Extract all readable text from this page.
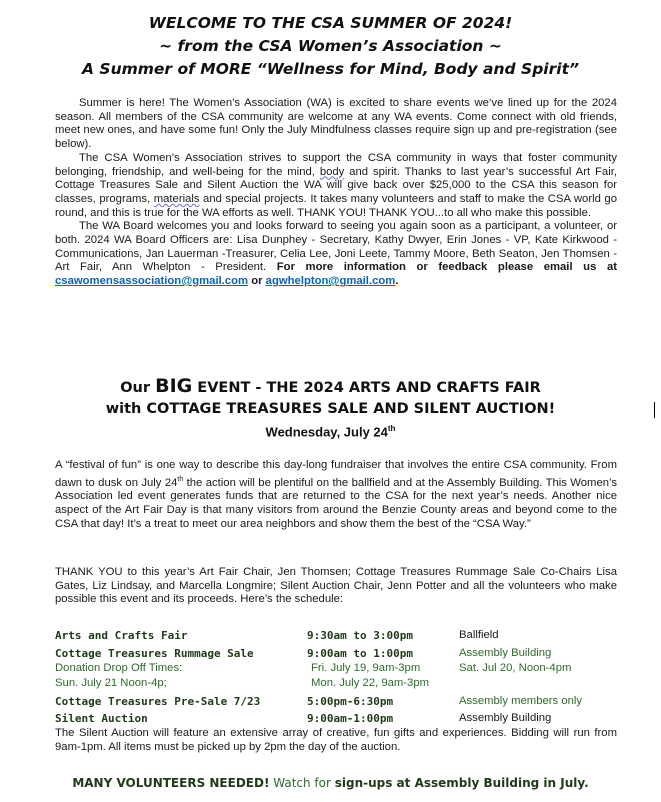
WELCOME TO THE CSA SUMMER OF 2024!
~ from the CSA Women’s Association ~
A Summer of MORE “Wellness for Mind, Body and Spirit”

Summer is here! The Women’s Association (WA) is excited to share events we’ve lined up for the 2024 season. All members of the CSA community are welcome at any WA events. Come connect with old friends, meet new ones, and have some fun! Only the July Mindfulness classes require sign up and pre-registration (see below).

The CSA Women’s Association strives to support the CSA community in ways that foster community belonging, friendship, and well-being for the mind, body and spirit. Thanks to last year’s successful Art Fair, Cottage Treasures Sale and Silent Auction the WA will give back over $25,000 to the CSA this season for classes, programs, materials and special projects. It takes many volunteers and staff to make the CSA world go round, and this is true for the WA efforts as well. THANK YOU! THANK YOU...to all who make this possible.

The WA Board welcomes you and looks forward to seeing you again soon as a participant, a volunteer, or both. 2024 WA Board Officers are: Lisa Dunphey - Secretary, Kathy Dwyer, Erin Jones - VP, Kate Kirkwood - Communications, Jan Lauerman -Treasurer, Celia Lee, Joni Leete, Tammy Moore, Beth Seaton, Jen Thomsen - Art Fair, Ann Whelpton - President. For more information or feedback please email us at csawomensassociation@gmail.com or agwhelpton@gmail.com.

Our BIG EVENT - THE 2024 ARTS AND CRAFTS FAIR
with COTTAGE TREASURES SALE AND SILENT AUCTION!
Wednesday, July 24th
A “festival of fun” is one way to describe this day-long fundraiser that involves the entire CSA community. From dawn to dusk on July 24th the action will be plentiful on the ballfield and at the Assembly Building. This Women’s Association led event generates funds that are returned to the CSA for the next year’s needs. Another nice aspect of the Art Fair Day is that many visitors from around the Benzie County areas and beyond come to the CSA that day! It’s a treat to meet our area neighbors and show them the best of the “CSA Way.”
THANK YOU to this year’s Art Fair Chair, Jen Thomsen; Cottage Treasures Rummage Sale Co-Chairs Lisa Gates, Liz Lindsay, and Marcella Longmire; Silent Auction Chair, Jenn Potter and all the volunteers who make possible this event and its proceeds. Here’s the schedule:
Arts and Crafts Fair	9:30am to 3:00pm	Ballfield
Cottage Treasures Rummage Sale	9:00am to 1:00pm	Assembly Building
Donation Drop Off Times:	Fri. July 19, 9am-3pm	Sat. Jul 20, Noon-4pm
Sun. July 21 Noon-4p;	Mon. July 22, 9am-3pm
Cottage Treasures Pre-Sale 7/23	5:00pm-6:30pm	Assembly members only
Silent Auction	9:00am-1:00pm	Assembly Building
The Silent Auction will feature an extensive array of creative, fun gifts and experiences. Bidding will run from 9am-1pm. All items must be picked up by 2pm the day of the auction.
MANY VOLUNTEERS NEEDED! Watch for sign-ups at Assembly Building in July.
